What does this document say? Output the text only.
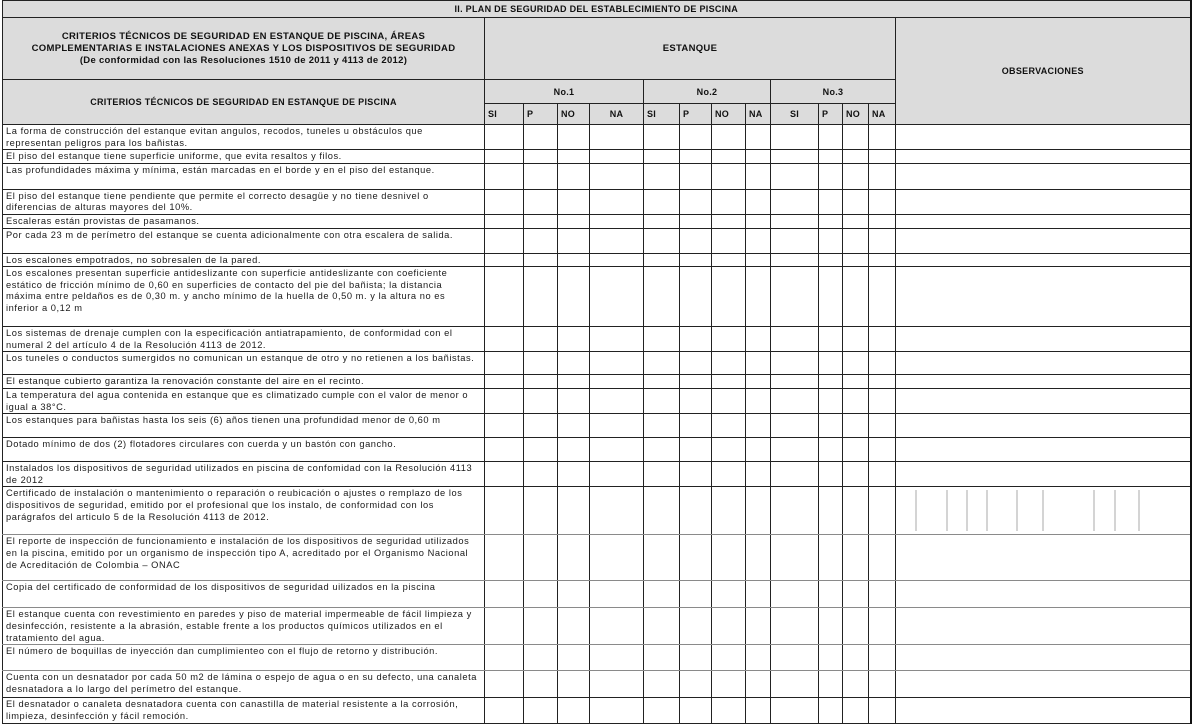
II. PLAN DE SEGURIDAD DEL ESTABLECIMIENTO DE PISCINA													

CRITERIOS TÉCNICOS DE SEGURIDAD EN ESTANQUE DE PISCINA, ÁREAS COMPLEMENTARIAS E INSTALACIONES ANEXAS Y LOS DISPOSITIVOS DE SEGURIDAD
(De conformidad con las Resoluciones 1510 de 2011 y 4113 de 2012)	ESTANQUE												OBSERVACIONES
CRITERIOS TÉCNICOS DE SEGURIDAD EN ESTANQUE DE PISCINA	No.1				No.2				No.3				
	SI	P	NO	NA	SI	P	NO	NA	SI	P	NO	NA	
La forma de construcción del estanque evitan angulos, recodos, tuneles u obstáculos que representan peligros para los bañistas.													
El piso del estanque tiene superficie uniforme, que evita resaltos y filos.													
Las profundidades máxima y mínima, están marcadas en el borde y en el piso del estanque.													
El piso del estanque tiene pendiente que permite el correcto desagüe y no tiene desnivel o diferencias de alturas mayores del 10%.													
Escaleras están provistas de pasamanos.													
Por cada 23 m de perímetro del estanque se cuenta adicionalmente con otra escalera de salida.													
Los escalones empotrados, no sobresalen de la pared.													
Los escalones presentan superficie antideslizante con superficie antideslizante con coeficiente estático de fricción mínimo de 0,60 en superficies de contacto del pie del bañista; la distancia máxima entre peldaños es de 0,30 m. y ancho mínimo de la huella de 0,50 m. y la altura no es inferior a 0,12 m													
Los sistemas de drenaje cumplen con la especificación antiatrapamiento, de conformidad con el numeral 2 del artículo 4 de la Resolución 4113 de 2012.													
Los tuneles o conductos sumergidos no comunican un estanque de otro y no retienen a los bañistas.													
El estanque cubierto garantiza la renovación constante del aire en el recinto.													
La temperatura del agua contenida en estanque que es climatizado cumple con el valor de menor o igual a 38°C.													
Los estanques para bañistas hasta los seis (6) años tienen una profundidad menor de 0,60 m													
Dotado mínimo de dos (2) flotadores circulares con cuerda y un bastón con gancho.													
Instalados los dispositivos de seguridad utilizados en piscina de confomidad con la Resolución 4113 de 2012													
Certificado de instalación o mantenimiento o reparación o reubicación o ajustes o remplazo de los dispositivos de seguridad, emitido por el profesional que los instalo, de conformidad con los parágrafos del articulo 5 de la Resolución 4113 de 2012.													

El reporte de inspección de funcionamiento e instalación de los dispositivos de seguridad utilizados en la piscina, emitido por un organismo de inspección tipo A, acreditado por el Organismo Nacional de Acreditación de Colombia – ONAC													
Copia del certificado de conformidad de los dispositivos de seguridad uilizados en la piscina													
El estanque cuenta con revestimiento en paredes y piso de material impermeable de fácil limpieza y desinfección, resistente a la abrasión, estable frente a los productos químicos utilizados en el tratamiento del agua.													
El número de boquillas de inyección dan cumplimienteo con el flujo de retorno y distribución.													
Cuenta con un desnatador por cada 50 m2 de lámina o espejo de agua o en su defecto, una canaleta desnatadora a lo largo del perímetro del estanque.													
El desnatador o canaleta desnatadora cuenta con canastilla de material resistente a la corrosión, limpieza, desinfección y fácil remoción.													
